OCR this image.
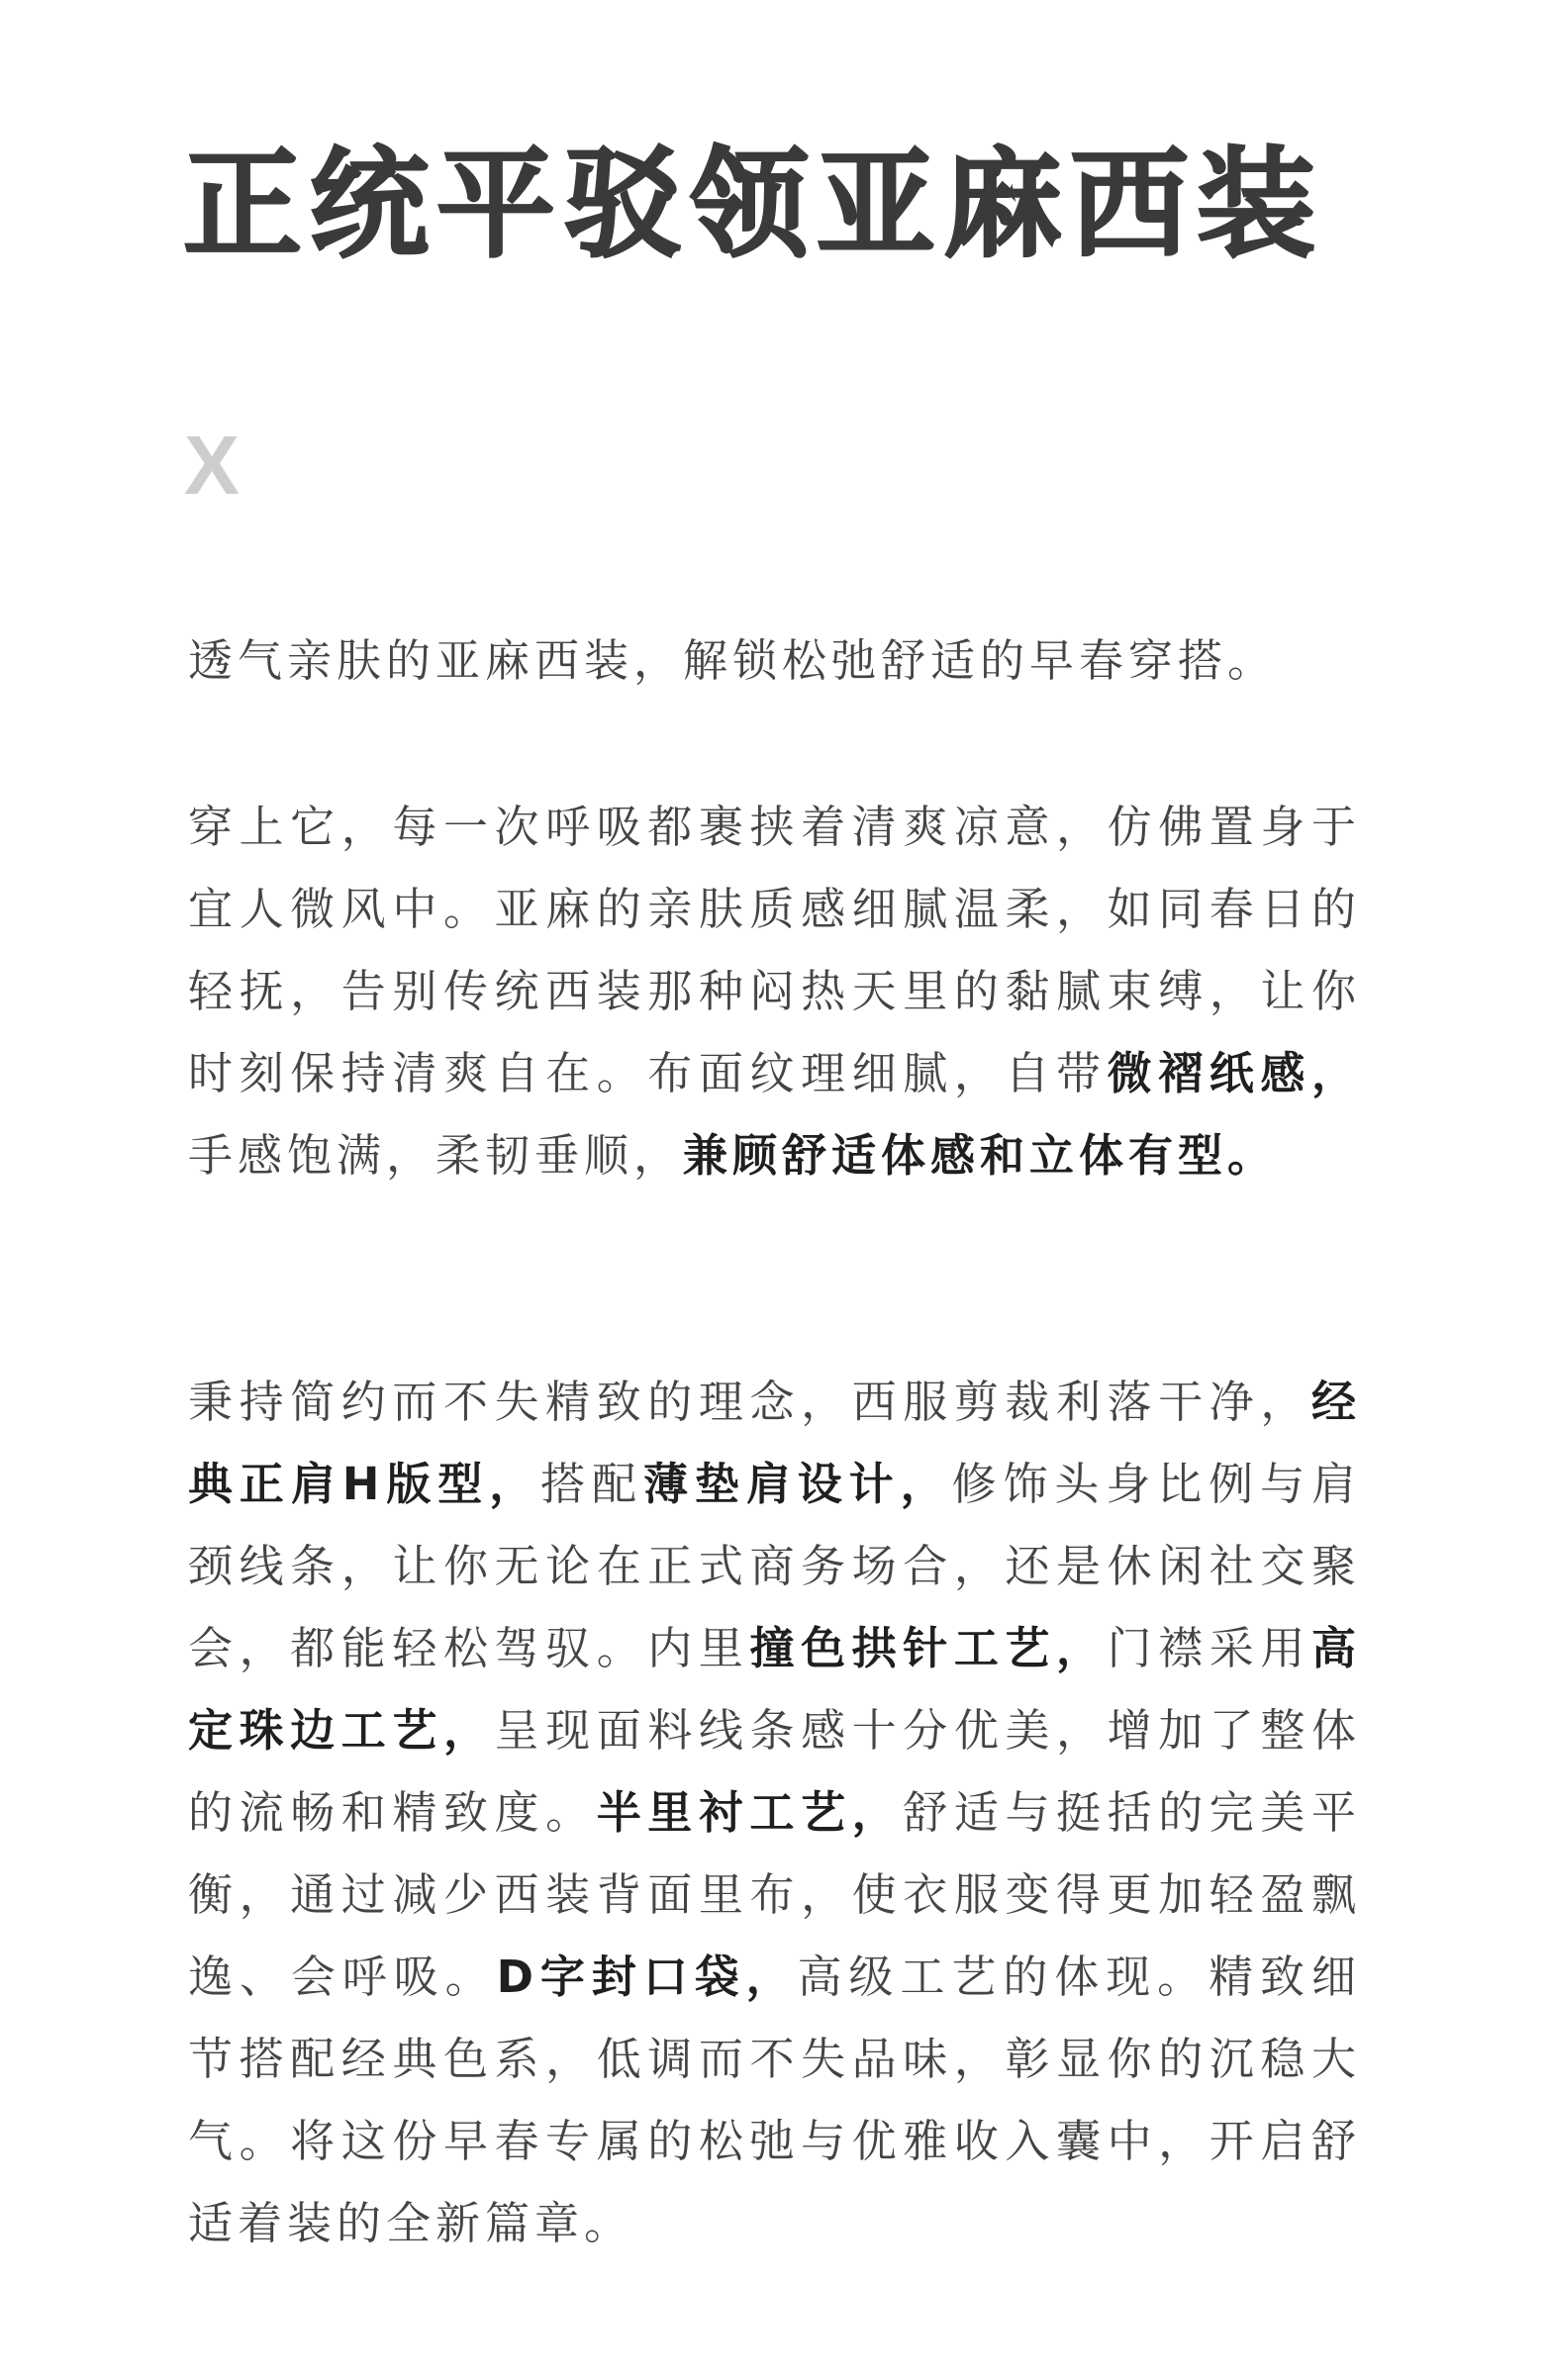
正统平驳领亚麻西装
X

透气亲肤的亚麻西装，解锁松弛舒适的早春穿搭。

穿上它，每一次呼吸都裹挟着清爽凉意，仿佛置身于宜人微风中。亚麻的亲肤质感细腻温柔，如同春日的轻抚，告别传统西装那种闷热天里的黏腻束缚，让你时刻保持清爽自在。布面纹理细腻，自带微褶纸感，手感饱满，柔韧垂顺，兼顾舒适体感和立体有型。

秉持简约而不失精致的理念，西服剪裁利落干净，经典正肩H版型，搭配薄垫肩设计，修饰头身比例与肩颈线条，让你无论在正式商务场合，还是休闲社交聚会，都能轻松驾驭。内里撞色拱针工艺，门襟采用高定珠边工艺，呈现面料线条感十分优美，增加了整体的流畅和精致度。半里衬工艺，舒适与挺括的完美平衡，通过减少西装背面里布，使衣服变得更加轻盈飘逸、会呼吸。D字封口袋，高级工艺的体现。精致细节搭配经典色系，低调而不失品味，彰显你的沉稳大气。将这份早春专属的松弛与优雅收入囊中，开启舒适着装的全新篇章。
